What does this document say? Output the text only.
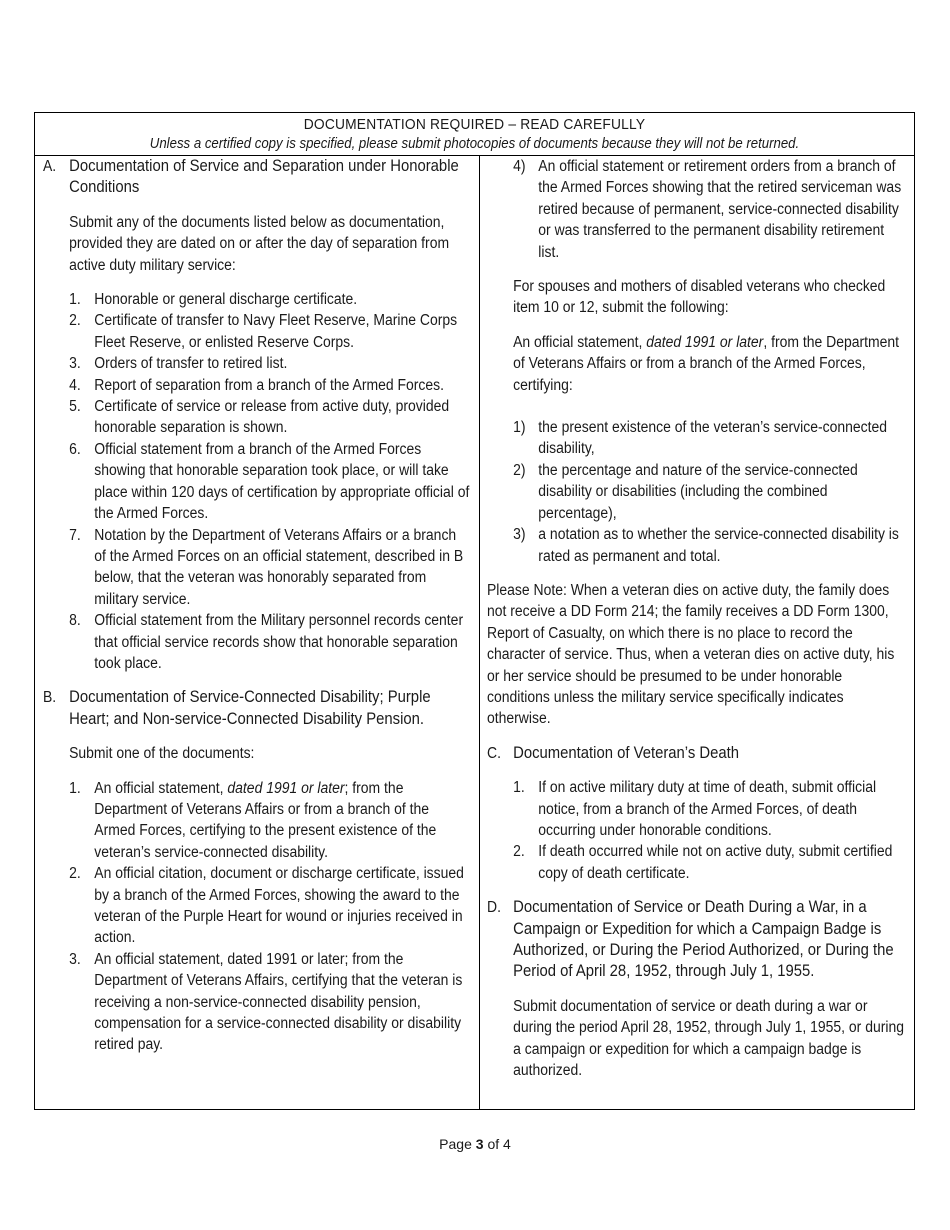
DOCUMENTATION REQUIRED – READ CAREFULLY
Unless a certified copy is specified, please submit photocopies of documents because they will not be returned.
A. Documentation of Service and Separation under Honorable Conditions
Submit any of the documents listed below as documentation, provided they are dated on or after the day of separation from active duty military service:
1. Honorable or general discharge certificate.
2. Certificate of transfer to Navy Fleet Reserve, Marine Corps Fleet Reserve, or enlisted Reserve Corps.
3. Orders of transfer to retired list.
4. Report of separation from a branch of the Armed Forces.
5. Certificate of service or release from active duty, provided honorable separation is shown.
6. Official statement from a branch of the Armed Forces showing that honorable separation took place, or will take place within 120 days of certification by appropriate official of the Armed Forces.
7. Notation by the Department of Veterans Affairs or a branch of the Armed Forces on an official statement, described in B below, that the veteran was honorably separated from military service.
8. Official statement from the Military personnel records center that official service records show that honorable separation took place.
B. Documentation of Service-Connected Disability; Purple Heart; and Non-service-Connected Disability Pension.
Submit one of the documents:
1. An official statement, dated 1991 or later; from the Department of Veterans Affairs or from a branch of the Armed Forces, certifying to the present existence of the veteran’s service-connected disability.
2. An official citation, document or discharge certificate, issued by a branch of the Armed Forces, showing the award to the veteran of the Purple Heart for wound or injuries received in action.
3. An official statement, dated 1991 or later; from the Department of Veterans Affairs, certifying that the veteran is receiving a non-service-connected disability pension, compensation for a service-connected disability or disability retired pay.
4) An official statement or retirement orders from a branch of the Armed Forces showing that the retired serviceman was retired because of permanent, service-connected disability or was transferred to the permanent disability retirement list.
For spouses and mothers of disabled veterans who checked item 10 or 12, submit the following:
An official statement, dated 1991 or later, from the Department of Veterans Affairs or from a branch of the Armed Forces, certifying:
1) the present existence of the veteran’s service-connected disability,
2) the percentage and nature of the service-connected disability or disabilities (including the combined percentage),
3) a notation as to whether the service-connected disability is rated as permanent and total.
Please Note: When a veteran dies on active duty, the family does not receive a DD Form 214; the family receives a DD Form 1300, Report of Casualty, on which there is no place to record the character of service. Thus, when a veteran dies on active duty, his or her service should be presumed to be under honorable conditions unless the military service specifically indicates otherwise.
C. Documentation of Veteran’s Death
1. If on active military duty at time of death, submit official notice, from a branch of the Armed Forces, of death occurring under honorable conditions.
2. If death occurred while not on active duty, submit certified copy of death certificate.
D. Documentation of Service or Death During a War, in a Campaign or Expedition for which a Campaign Badge is Authorized, or During the Period Authorized, or During the Period of April 28, 1952, through July 1, 1955.
Submit documentation of service or death during a war or during the period April 28, 1952, through July 1, 1955, or during a campaign or expedition for which a campaign badge is authorized.
Page 3 of 4
